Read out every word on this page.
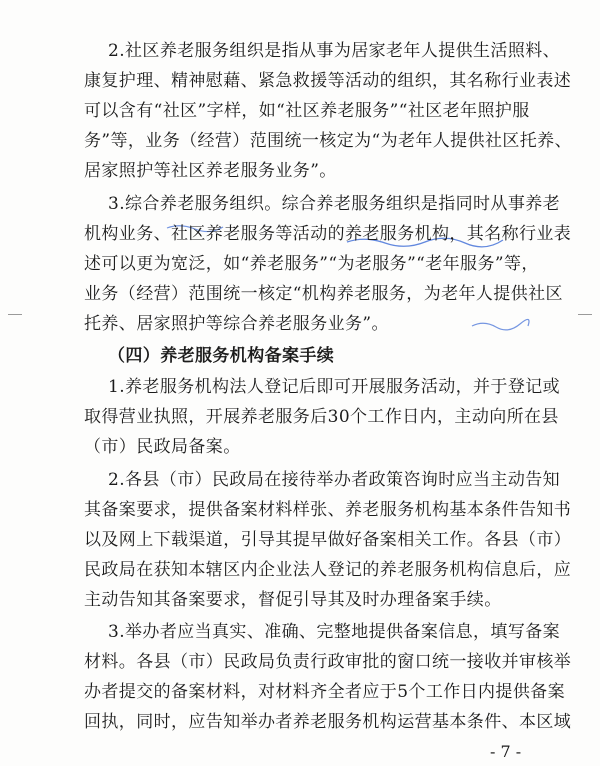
2.社区养老服务组织是指从事为居家老年人提供生活照料、
康复护理、精神慰藉、紧急救援等活动的组织，其名称行业表述
可以含有“社区”字样，如“社区养老服务”“社区老年照护服
务”等，业务（经营）范围统一核定为“为老年人提供社区托养、
居家照护等社区养老服务业务”。
3.综合养老服务组织。综合养老服务组织是指同时从事养老
机构业务、社区养老服务等活动的养老服务机构，其名称行业表
述可以更为宽泛，如“养老服务”“为老服务”“老年服务”等，
业务（经营）范围统一核定“机构养老服务，为老年人提供社区
托养、居家照护等综合养老服务业务”。
（四）养老服务机构备案手续
1.养老服务机构法人登记后即可开展服务活动，并于登记或
取得营业执照，开展养老服务后30个工作日内，主动向所在县
（市）民政局备案。
2.各县（市）民政局在接待举办者政策咨询时应当主动告知
其备案要求，提供备案材料样张、养老服务机构基本条件告知书
以及网上下载渠道，引导其提早做好备案相关工作。各县（市）
民政局在获知本辖区内企业法人登记的养老服务机构信息后，应
主动告知其备案要求，督促引导其及时办理备案手续。
3.举办者应当真实、准确、完整地提供备案信息，填写备案
材料。各县（市）民政局负责行政审批的窗口统一接收并审核举
办者提交的备案材料，对材料齐全者应于5个工作日内提供备案
回执，同时，应告知举办者养老服务机构运营基本条件、本区域
- 7 -
